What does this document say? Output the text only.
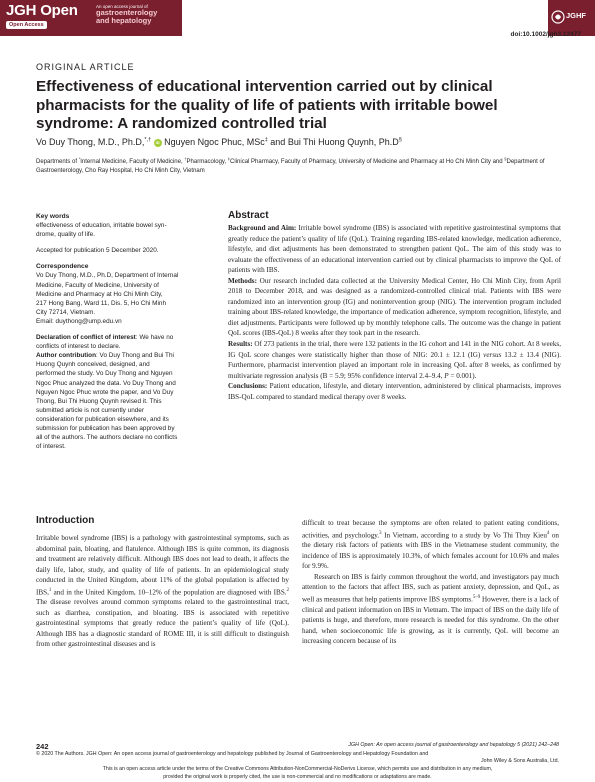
JGH Open
Open Access
An open access journal of
gastroenterology
and hepatology
JGHF
doi:10.1002/jgh3.12477
ORIGINAL ARTICLE
Effectiveness of educational intervention carried out by clinical pharmacists for the quality of life of patients with irritable bowel syndrome: A randomized controlled trial
Vo Duy Thong, M.D., Ph.D,*,† iD Nguyen Ngoc Phuc, MSc‡ and Bui Thi Huong Quynh, Ph.D§
Departments of *Internal Medicine, Faculty of Medicine, †Pharmacology, ‡Clinical Pharmacy, Faculty of Pharmacy, University of Medicine and Pharmacy at Ho Chi Minh City and §Department of Gastroenterology, Cho Ray Hospital, Ho Chi Minh City, Vietnam
Key words
effectiveness of education, irritable bowel syn-
drome, quality of life.
Accepted for publication 5 December 2020.
Correspondence
Vo Duy Thong, M.D., Ph.D, Department of Internal
Medicine, Faculty of Medicine, University of
Medicine and Pharmacy at Ho Chi Minh City,
217 Hong Bang, Ward 11, Dis. 5, Ho Chi Minh
City 72714, Vietnam.
Email: duythong@ump.edu.vn
Declaration of conflict of interest: We have no
conflicts of interest to declare.
Author contribution: Vo Duy Thong and Bui Thi
Huong Quynh conceived, designed, and
performed the study. Vo Duy Thong and Nguyen
Ngoc Phuc analyzed the data. Vo Duy Thong and
Nguyen Ngoc Phuc wrote the paper, and Vo Duy
Thong, Bui Thi Huong Quynh revised it. This
submitted article is not currently under
consideration for publication elsewhere, and its
submission for publication has been approved by
all of the authors. The authors declare no conflicts
of interest.
Abstract

Background and Aim: Irritable bowel syndrome (IBS) is associated with repetitive gastrointestinal symptoms that greatly reduce the patient’s quality of life (QoL). Training regarding IBS-related knowledge, medication adherence, lifestyle, and diet adjustments has been demonstrated to strengthen patient QoL. The aim of this study was to evaluate the effectiveness of an educational intervention carried out by clinical pharmacists to improve the QoL of patients with IBS.

Methods: Our research included data collected at the University Medical Center, Ho Chi Minh City, from April 2018 to December 2018, and was designed as a randomized-controlled clinical trial. Patients with IBS were randomized into an intervention group (IG) and nonintervention group (NIG). The intervention program included training about IBS-related knowledge, the importance of medication adherence, symptom recognition, lifestyle, and diet adjustments. Participants were followed up by monthly telephone calls. The outcome was the change in patient QoL scores (IBS-QoL) 8 weeks after they took part in the research.

Results: Of 273 patients in the trial, there were 132 patients in the IG cohort and 141 in the NIG cohort. At 8 weeks, IG QoL score changes were statistically higher than those of NIG: 20.1 ± 12.1 (IG) versus 13.2 ± 13.4 (NIG). Furthermore, pharmacist intervention played an important role in increasing QoL after 8 weeks, as confirmed by multivariate regression analysis (B = 5.9; 95% confidence interval 2.4–9.4, P = 0.001).

Conclusions: Patient education, lifestyle, and dietary intervention, administered by clinical pharmacists, improves IBS-QoL compared to standard medical therapy over 8 weeks.

Introduction

Irritable bowel syndrome (IBS) is a pathology with gastrointestinal symptoms, such as abdominal pain, bloating, and flatulence. Although IBS is quite common, its diagnosis and treatment are relatively difficult. Although IBS does not lead to death, it affects the daily life, labor, study, and quality of life of patients. In an epidemiological study conducted in the United Kingdom, about 11% of the global population is affected by IBS,$^1$ and in the United Kingdom, 10–12% of the population are diagnosed with IBS.$^2$ The disease revolves around common symptoms related to the gastrointestinal tract, such as diarrhea, constipation, and bloating. IBS is associated with repetitive gastrointestinal symptoms that greatly reduce the patient’s quality of life (QoL). Although IBS has a diagnostic standard of ROME III, it is still difficult to distinguish from other gastrointestinal diseases and is

difficult to treat because the symptoms are often related to patient eating conditions, activities, and psychology.$^3$ In Vietnam, according to a study by Vo Thi Thuy Kieu$^4$ on the dietary risk factors of patients with IBS in the Vietnamese student community, the incidence of IBS is approximately 10.3%, of which females account for 10.6% and males for 9.9%.

Research on IBS is fairly common throughout the world, and investigators pay much attention to the factors that affect IBS, such as patient anxiety, depression, and QoL, as well as measures that help patients improve IBS symptoms.$^{5-9}$ However, there is a lack of clinical and patient information on IBS in Vietnam. The impact of IBS on the daily life of patients is huge, and therefore, more research is needed for this syndrome. On the other hand, when socioeconomic life is growing, as it is currently, QoL will become an increasing concern because of its

242	JGH Open: An open access journal of gastroenterology and hepatology 5 (2021) 242–248
© 2020 The Authors. JGH Open: An open access journal of gastroenterology and hepatology published by Journal of Gastroenterology and Hepatology Foundation and
John Wiley & Sons Australia, Ltd.
This is an open access article under the terms of the Creative Commons Attribution-NonCommercial-NoDerivs License, which permits use and distribution in any medium,
provided the original work is properly cited, the use is non-commercial and no modifications or adaptations are made.
